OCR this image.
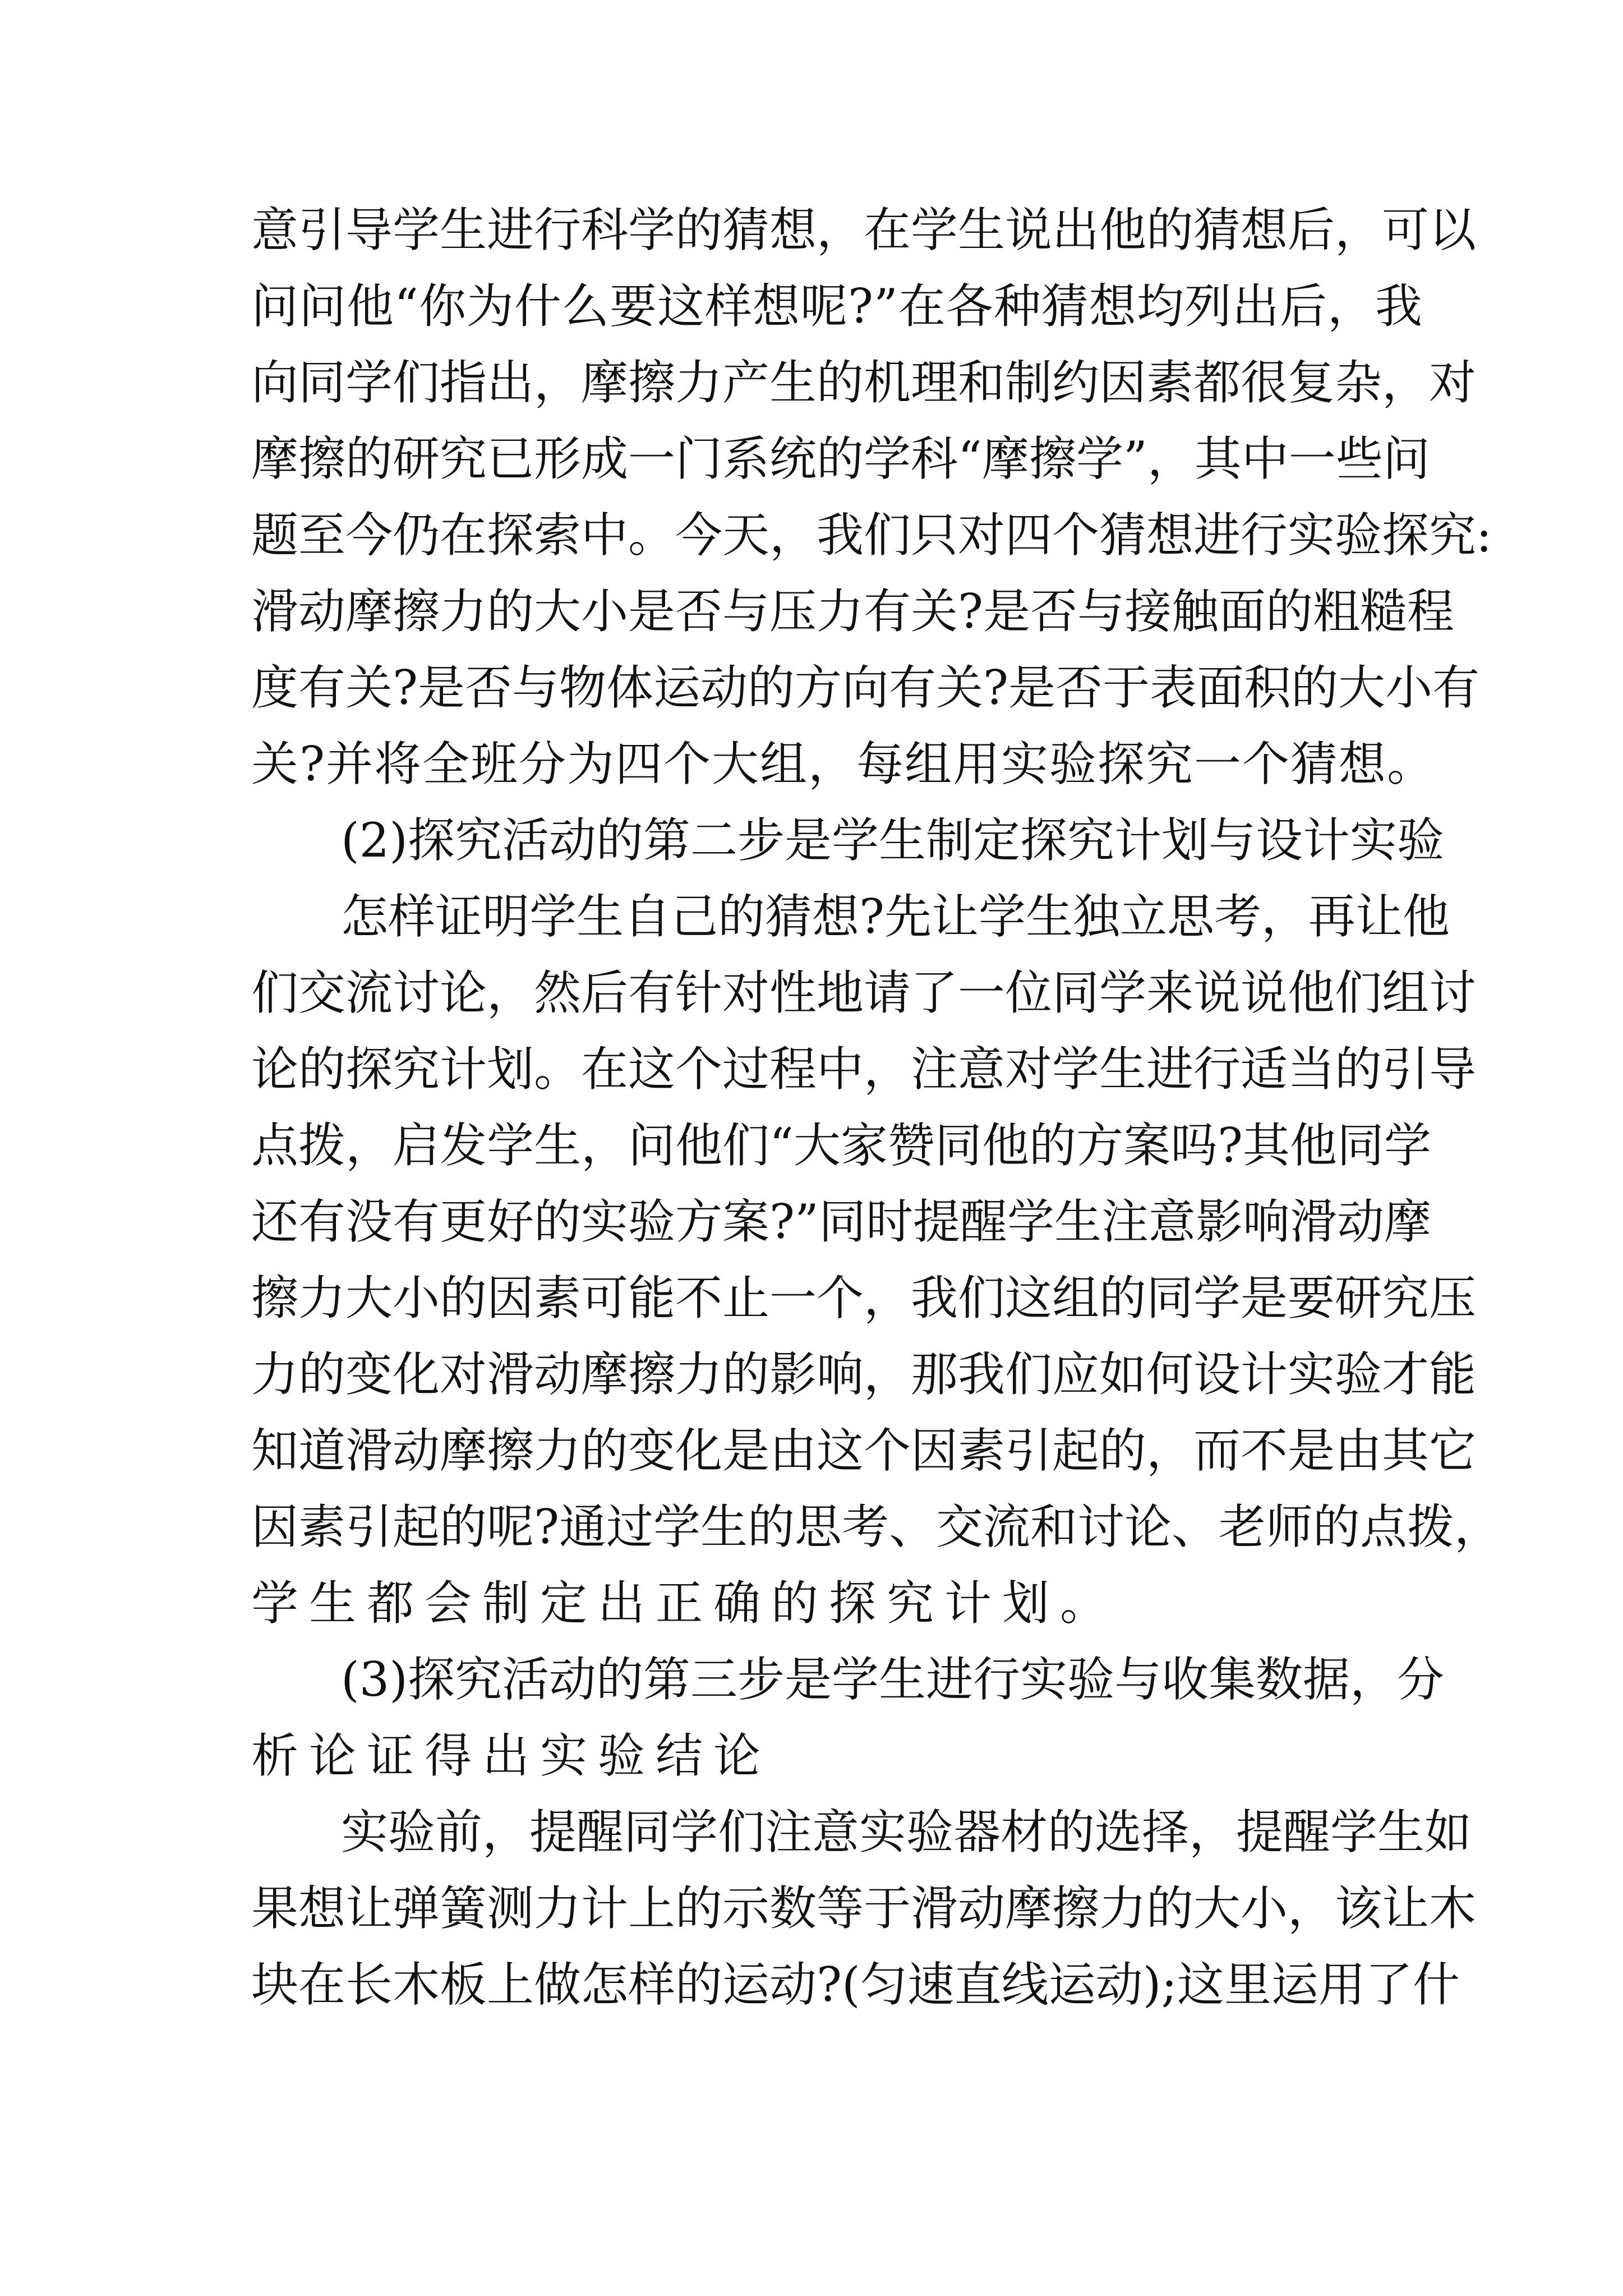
意引导学生进行科学的猜想，在学生说出他的猜想后，可以
问问他“你为什么要这样想呢?”在各种猜想均列出后，我
向同学们指出，摩擦力产生的机理和制约因素都很复杂，对
摩擦的研究已形成一门系统的学科“摩擦学”，其中一些问
题至今仍在探索中。今天，我们只对四个猜想进行实验探究:
滑动摩擦力的大小是否与压力有关?是否与接触面的粗糙程
度有关?是否与物体运动的方向有关?是否于表面积的大小有
关?并将全班分为四个大组，每组用实验探究一个猜想。
(2)探究活动的第二步是学生制定探究计划与设计实验
怎样证明学生自己的猜想?先让学生独立思考，再让他
们交流讨论，然后有针对性地请了一位同学来说说他们组讨
论的探究计划。在这个过程中，注意对学生进行适当的引导
点拨，启发学生，问他们“大家赞同他的方案吗?其他同学
还有没有更好的实验方案?”同时提醒学生注意影响滑动摩
擦力大小的因素可能不止一个，我们这组的同学是要研究压
力的变化对滑动摩擦力的影响，那我们应如何设计实验才能
知道滑动摩擦力的变化是由这个因素引起的，而不是由其它
因素引起的呢?通过学生的思考、交流和讨论、老师的点拨，
学生都会制定出正确的探究计划。
(3)探究活动的第三步是学生进行实验与收集数据，分
析论证得出实验结论
实验前，提醒同学们注意实验器材的选择，提醒学生如
果想让弹簧测力计上的示数等于滑动摩擦力的大小，该让木
块在长木板上做怎样的运动?(匀速直线运动);这里运用了什
